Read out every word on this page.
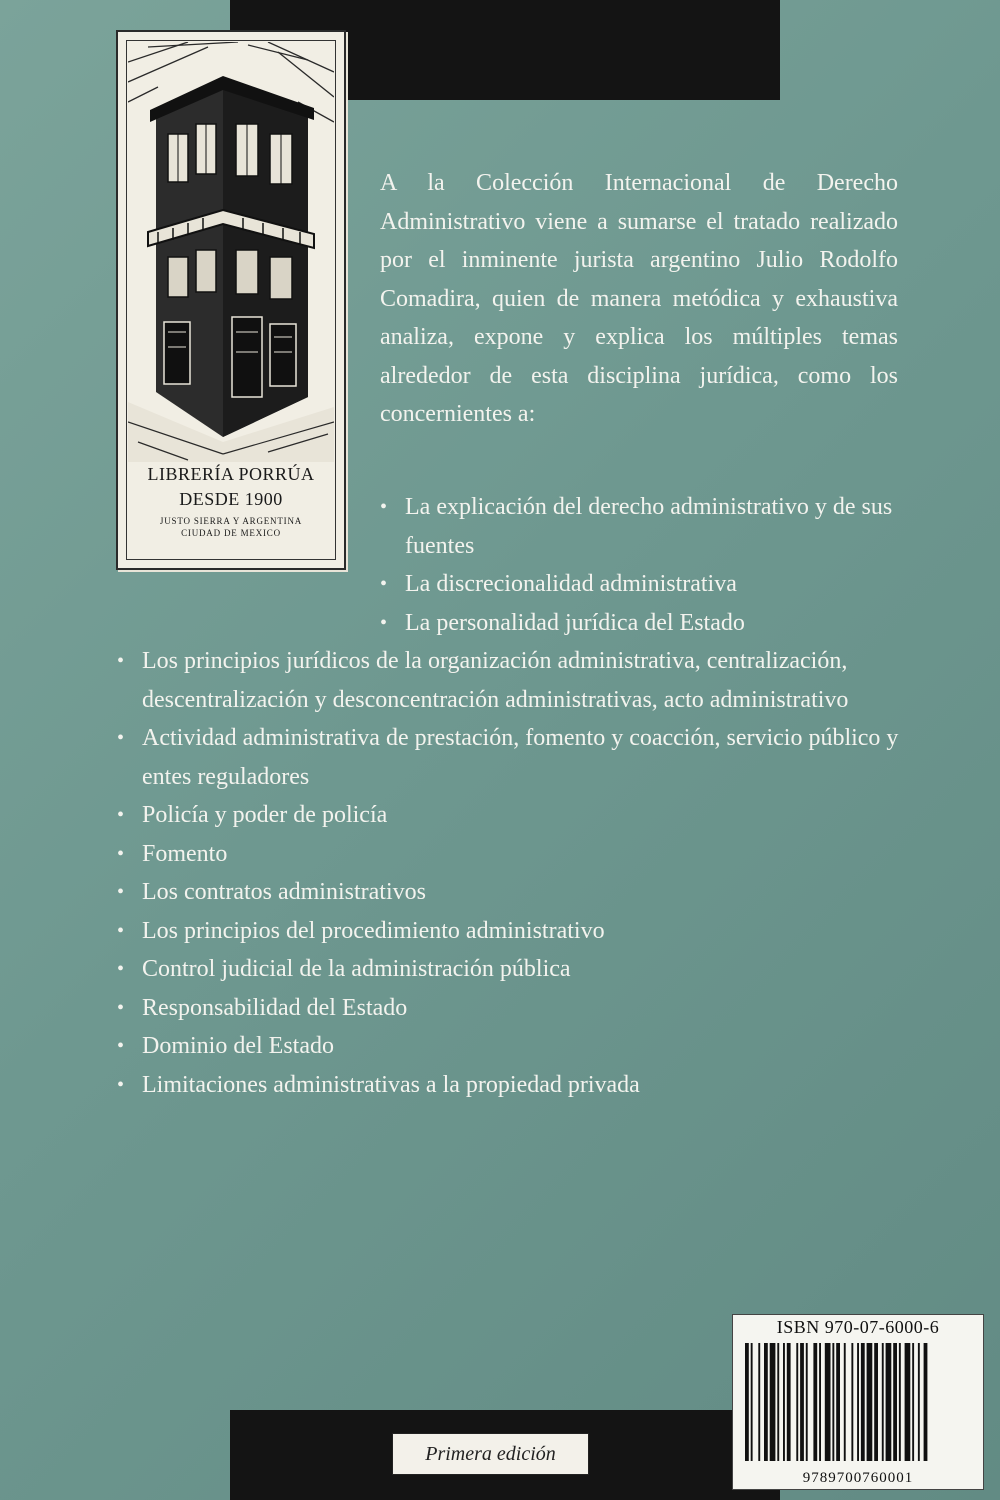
LIBRERÍA PORRÚA
DESDE 1900
JUSTO SIERRA Y ARGENTINA
CIUDAD DE MEXICO
A la Colección Internacional de Derecho Administrativo viene a sumarse el tratado realizado por el inminente jurista argentino Julio Rodolfo Comadira, quien de manera metódica y exhaustiva analiza, expone y explica los múltiples temas alrededor de esta disciplina jurídica, como los concernientes a:
• La explicación del derecho administrativo y de sus fuentes
• La discrecionalidad administrativa
• La personalidad jurídica del Estado
• Los principios jurídicos de la organización administrativa, centralización, descentralización y desconcentración administrativas, acto administrativo
• Actividad administrativa de prestación, fomento y coacción, servicio público y entes reguladores
• Policía y poder de policía
• Fomento
• Los contratos administrativos
• Los principios del procedimiento administrativo
• Control judicial de la administración pública
• Responsabilidad del Estado
• Dominio del Estado
• Limitaciones administrativas a la propiedad privada
ISBN 970-07-6000-6
9789700760001
Primera edición
